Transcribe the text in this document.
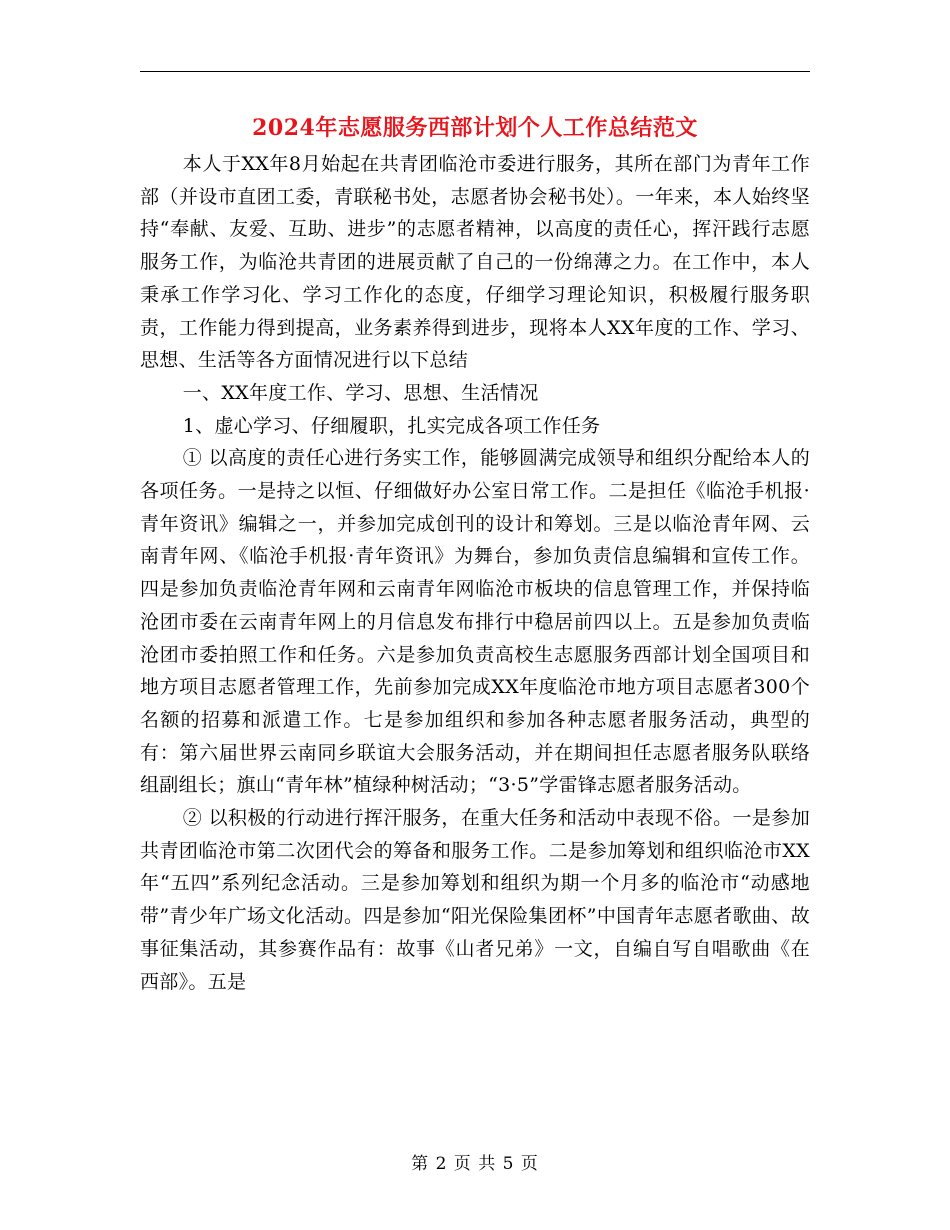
2024年志愿服务西部计划个人工作总结范文

本人于XX年8月始起在共青团临沧市委进行服务，其所在部门为青年工作部（并设市直团工委，青联秘书处，志愿者协会秘书处）。一年来，本人始终坚持“奉献、友爱、互助、进步”的志愿者精神，以高度的责任心，挥汗践行志愿服务工作，为临沧共青团的进展贡献了自己的一份绵薄之力。在工作中，本人秉承工作学习化、学习工作化的态度，仔细学习理论知识，积极履行服务职责，工作能力得到提高，业务素养得到进步，现将本人XX年度的工作、学习、思想、生活等各方面情况进行以下总结

一、XX年度工作、学习、思想、生活情况

1、虚心学习、仔细履职，扎实完成各项工作任务

① 以高度的责任心进行务实工作，能够圆满完成领导和组织分配给本人的各项任务。一是持之以恒、仔细做好办公室日常工作。二是担任《临沧手机报·青年资讯》编辑之一，并参加完成创刊的设计和筹划。三是以临沧青年网、云南青年网、《临沧手机报·青年资讯》为舞台，参加负责信息编辑和宣传工作。四是参加负责临沧青年网和云南青年网临沧市板块的信息管理工作，并保持临沧团市委在云南青年网上的月信息发布排行中稳居前四以上。五是参加负责临沧团市委拍照工作和任务。六是参加负责高校生志愿服务西部计划全国项目和地方项目志愿者管理工作，先前参加完成XX年度临沧市地方项目志愿者300个名额的招募和派遣工作。七是参加组织和参加各种志愿者服务活动，典型的有：第六届世界云南同乡联谊大会服务活动，并在期间担任志愿者服务队联络组副组长；旗山“青年林”植绿种树活动；“3·5”学雷锋志愿者服务活动。

② 以积极的行动进行挥汗服务，在重大任务和活动中表现不俗。一是参加共青团临沧市第二次团代会的筹备和服务工作。二是参加筹划和组织临沧市XX年“五四”系列纪念活动。三是参加筹划和组织为期一个月多的临沧市“动感地带”青少年广场文化活动。四是参加“阳光保险集团杯”中国青年志愿者歌曲、故事征集活动，其参赛作品有：故事《山者兄弟》一文，自编自写自唱歌曲《在西部》。五是

第 2 页 共 5 页
